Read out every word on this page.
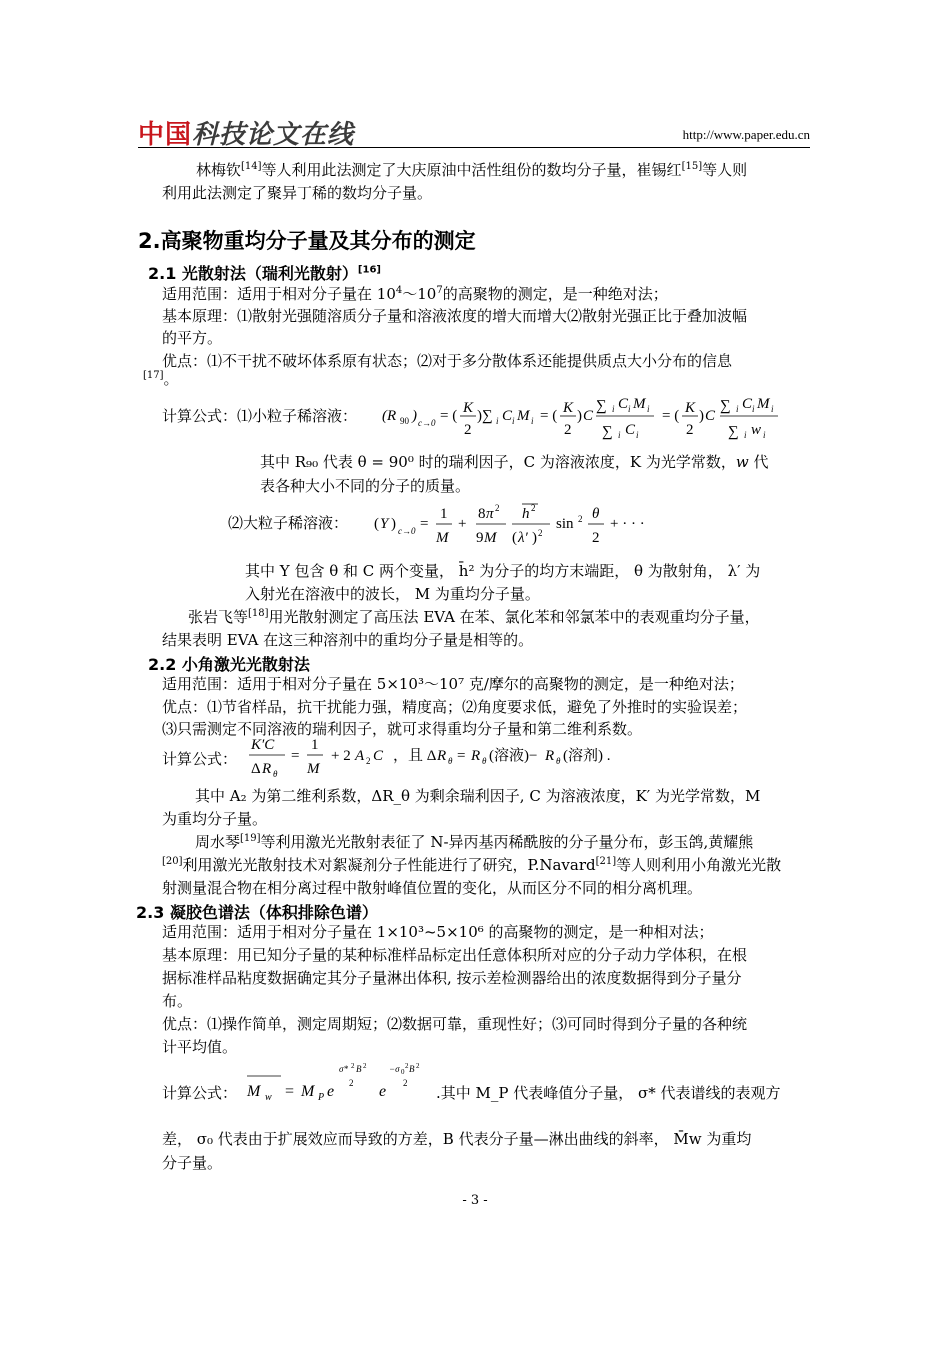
中国科技论文在线	http://www.paper.edu.cn
林梅钦[14]等人利用此法测定了大庆原油中活性组份的数均分子量，崔锡红[15]等人则
利用此法测定了聚异丁稀的数均分子量。
2.高聚物重均分子量及其分布的测定
2.1 光散射法（瑞利光散射）[16]
适用范围：适用于相对分子量在 $10^4\sim 10^7$的高聚物的测定，是一种绝对法；
基本原理：⑴散射光强随溶质分子量和溶液浓度的增大而增大⑵散射光强正比于叠加波幅
的平方。
优点：⑴不干扰不破坏体系原有状态；⑵对于多分散体系还能提供质点大小分布的信息
[17]。
计算公式：⑴小粒子稀溶液： (R 90 ) c→0 = ( K
2
)∑ i C i M i = ( K
2
) C
∑ i C i M i
∑ i C i
= ( K
2
) C
∑ i C i M i
∑ i w i
其中 R₉₀ 代表 θ = 90⁰ 时的瑞利因子，C 为溶液浓度，K 为光学常数，w 代
表各种大小不同的分子的质量。
⑵大粒子稀溶液： ( Y ) c→0 =
1
M
+
8 π 2
9 M
h 2
( λ′ ) 2
sin 2 θ
2
+ · · ·
其中 Y 包含 θ 和 C 两个变量， h̄² 为分子的均方末端距， θ 为散射角， λ′ 为
入射光在溶液中的波长， M 为重均分子量。
张岩飞等[18]用光散射测定了高压法 EVA 在苯、氯化苯和邻氯苯中的表观重均分子量，
结果表明 EVA 在这三种溶剂中的重均分子量是相等的。
2.2 小角激光光散射法
适用范围：适用于相对分子量在 5×10³～10⁷ 克/摩尔的高聚物的测定，是一种绝对法；
优点：⑴节省样品，抗干扰能力强，精度高；⑵角度要求低，避免了外推时的实验误差；
⑶只需测定不同溶液的瑞利因子，就可求得重均分子量和第二维利系数。
计算公式：
K′C
Δ R θ
=
1
M
+ 2 A 2 C ，且 Δ R θ = R θ (溶液)− R θ (溶剂) .
其中 A₂ 为第二维利系数，ΔR_θ 为剩余瑞利因子, C 为溶液浓度，K′ 为光学常数，M
为重均分子量。
周水琴[19]等利用激光光散射表征了 N-异丙基丙稀酰胺的分子量分布，彭玉鸽,黄耀熊
[20]利用激光光散射技术对絮凝剂分子性能进行了研究，P.Navard[21]等人则利用小角激光光散
射测量混合物在相分离过程中散射峰值位置的变化，从而区分不同的相分离机理。
2.3 凝胶色谱法（体积排除色谱）
适用范围：适用于相对分子量在 1×10³~5×10⁶ 的高聚物的测定，是一种相对法；
基本原理：用已知分子量的某种标准样品标定出任意体积所对应的分子动力学体积，在根
据标准样品粘度数据确定其分子量淋出体积, 按示差检测器给出的浓度数据得到分子量分
布。
优点：⑴操作简单，测定周期短；⑵数据可靠，重现性好；⑶可同时得到分子量的各种统
计平均值。
计算公式： M w = M P e
σ* 2 B 2
2 e
−σ 0
2 B 2
2
.其中 M_P 代表峰值分子量， σ* 代表谱线的表观方
差， σ₀ 代表由于扩展效应而导致的方差，B 代表分子量—淋出曲线的斜率， M̄w 为重均
分子量。
- 3 -
